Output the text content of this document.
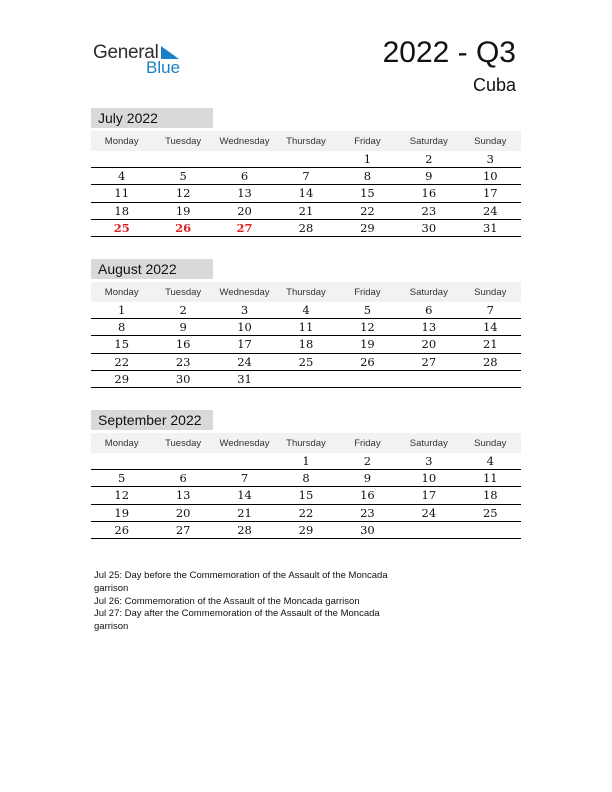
General
Blue	2022 - Q3
Cuba
July 2022
Monday	Tuesday	Wednesday	Thursday	Friday	Saturday	Sunday
				1	2	3
4	5	6	7	8	9	10
11	12	13	14	15	16	17
18	19	20	21	22	23	24
25	26	27	28	29	30	31
August 2022
Monday	Tuesday	Wednesday	Thursday	Friday	Saturday	Sunday
1	2	3	4	5	6	7
8	9	10	11	12	13	14
15	16	17	18	19	20	21
22	23	24	25	26	27	28
29	30	31				
September 2022
Monday	Tuesday	Wednesday	Thursday	Friday	Saturday	Sunday
			1	2	3	4
5	6	7	8	9	10	11
12	13	14	15	16	17	18
19	20	21	22	23	24	25
26	27	28	29	30		
Jul 25: Day before the Commemoration of the Assault of the Moncada garrison
Jul 26: Commemoration of the Assault of the Moncada garrison
Jul 27: Day after the Commemoration of the Assault of the Moncada garrison
